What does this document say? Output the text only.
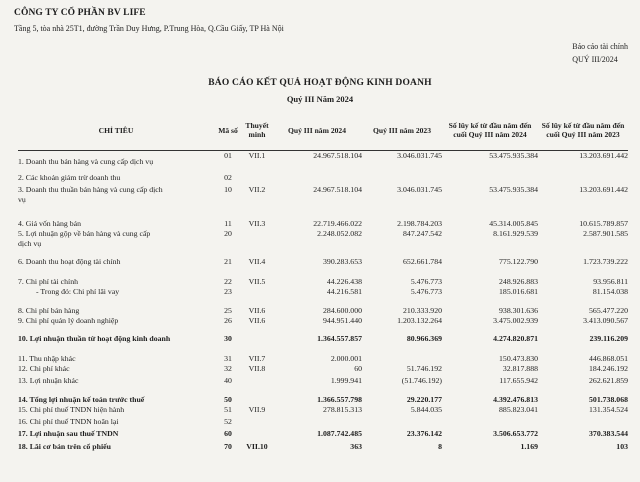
CÔNG TY CỔ PHẦN BV LIFE
Tầng 5, tòa nhà 25T1, đường Trần Duy Hưng, P.Trung Hòa, Q.Cầu Giấy, TP Hà Nội
Báo cáo tài chính
QUÝ III/2024
BÁO CÁO KẾT QUẢ HOẠT ĐỘNG KINH DOANH
Quý III Năm 2024
CHỈ TIÊU	Mã số	Thuyết minh	Quý III năm 2024	Quý III năm 2023	Số lũy kế từ đầu năm đến cuối Quý III năm 2024	Số lũy kế từ đầu năm đến cuối Quý III năm 2023
1. Doanh thu bán hàng và cung cấp dịch vụ	01	VII.1	24.967.518.104	3.046.031.745	53.475.935.384	13.203.691.442
2. Các khoản giảm trừ doanh thu	02					
3. Doanh thu thuần bán hàng và cung cấp dịch vụ	10	VII.2	24.967.518.104	3.046.031.745	53.475.935.384	13.203.691.442
4. Giá vốn hàng bán	11	VII.3	22.719.466.022	2.198.784.203	45.314.005.845	10.615.789.857
5. Lợi nhuận gộp về bán hàng và cung cấp dịch vụ	20		2.248.052.082	847.247.542	8.161.929.539	2.587.901.585
6. Doanh thu hoạt động tài chính	21	VII.4	390.283.653	652.661.784	775.122.790	1.723.739.222
7. Chi phí tài chính	22	VII.5	44.226.438	5.476.773	248.926.883	93.956.811
- Trong đó: Chi phí lãi vay	23		44.216.581	5.476.773	185.016.681	81.154.038
8. Chi phí bán hàng	25	VII.6	284.600.000	210.333.920	938.301.636	565.477.220
9. Chi phí quản lý doanh nghiệp	26	VII.6	944.951.440	1.203.132.264	3.475.002.939	3.413.090.567
10. Lợi nhuận thuần từ hoạt động kinh doanh	30		1.364.557.857	80.966.369	4.274.820.871	239.116.209
11. Thu nhập khác	31	VII.7	2.000.001		150.473.830	446.868.051
12. Chi phí khác	32	VII.8	60	51.746.192	32.817.888	184.246.192
13. Lợi nhuận khác	40		1.999.941	(51.746.192)	117.655.942	262.621.859
14. Tổng lợi nhuận kế toán trước thuế	50		1.366.557.798	29.220.177	4.392.476.813	501.738.068
15. Chi phí thuế TNDN hiện hành	51	VII.9	278.815.313	5.844.035	885.823.041	131.354.524
16. Chi phí thuế TNDN hoãn lại	52					
17. Lợi nhuận sau thuế TNDN	60		1.087.742.485	23.376.142	3.506.653.772	370.383.544
18. Lãi cơ bản trên cổ phiếu	70	VII.10	363	8	1.169	103
